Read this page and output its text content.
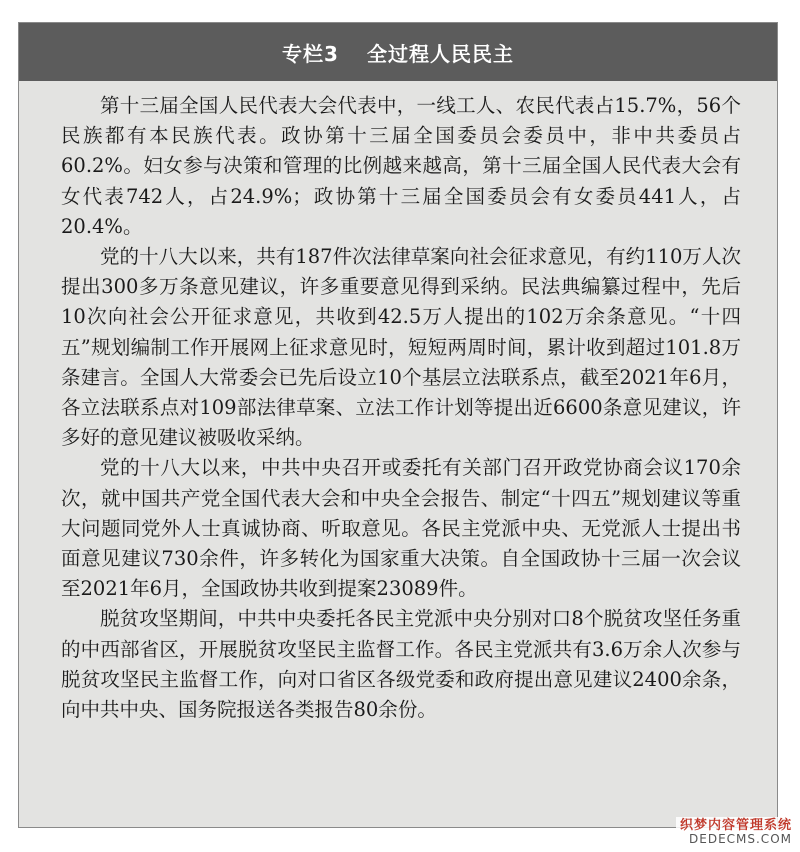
专栏3 全过程人民民主

第十三届全国人民代表大会代表中，一线工人、农民代表占15.7%，56个民族都有本民族代表。政协第十三届全国委员会委员中，非中共委员占60.2%。妇女参与决策和管理的比例越来越高，第十三届全国人民代表大会有女代表742人，占24.9%；政协第十三届全国委员会有女委员441人，占20.4%。

党的十八大以来，共有187件次法律草案向社会征求意见，有约110万人次提出300多万条意见建议，许多重要意见得到采纳。民法典编纂过程中，先后10次向社会公开征求意见，共收到42.5万人提出的102万余条意见。“十四五”规划编制工作开展网上征求意见时，短短两周时间，累计收到超过101.8万条建言。全国人大常委会已先后设立10个基层立法联系点，截至2021年6月，各立法联系点对109部法律草案、立法工作计划等提出近6600条意见建议，许多好的意见建议被吸收采纳。

党的十八大以来，中共中央召开或委托有关部门召开政党协商会议170余次，就中国共产党全国代表大会和中央全会报告、制定“十四五”规划建议等重大问题同党外人士真诚协商、听取意见。各民主党派中央、无党派人士提出书面意见建议730余件，许多转化为国家重大决策。自全国政协十三届一次会议至2021年6月，全国政协共收到提案23089件。

脱贫攻坚期间，中共中央委托各民主党派中央分别对口8个脱贫攻坚任务重的中西部省区，开展脱贫攻坚民主监督工作。各民主党派共有3.6万余人次参与脱贫攻坚民主监督工作，向对口省区各级党委和政府提出意见建议2400余条，向中共中央、国务院报送各类报告80余份。

织梦内容管理系统
DEDECMS.COM
